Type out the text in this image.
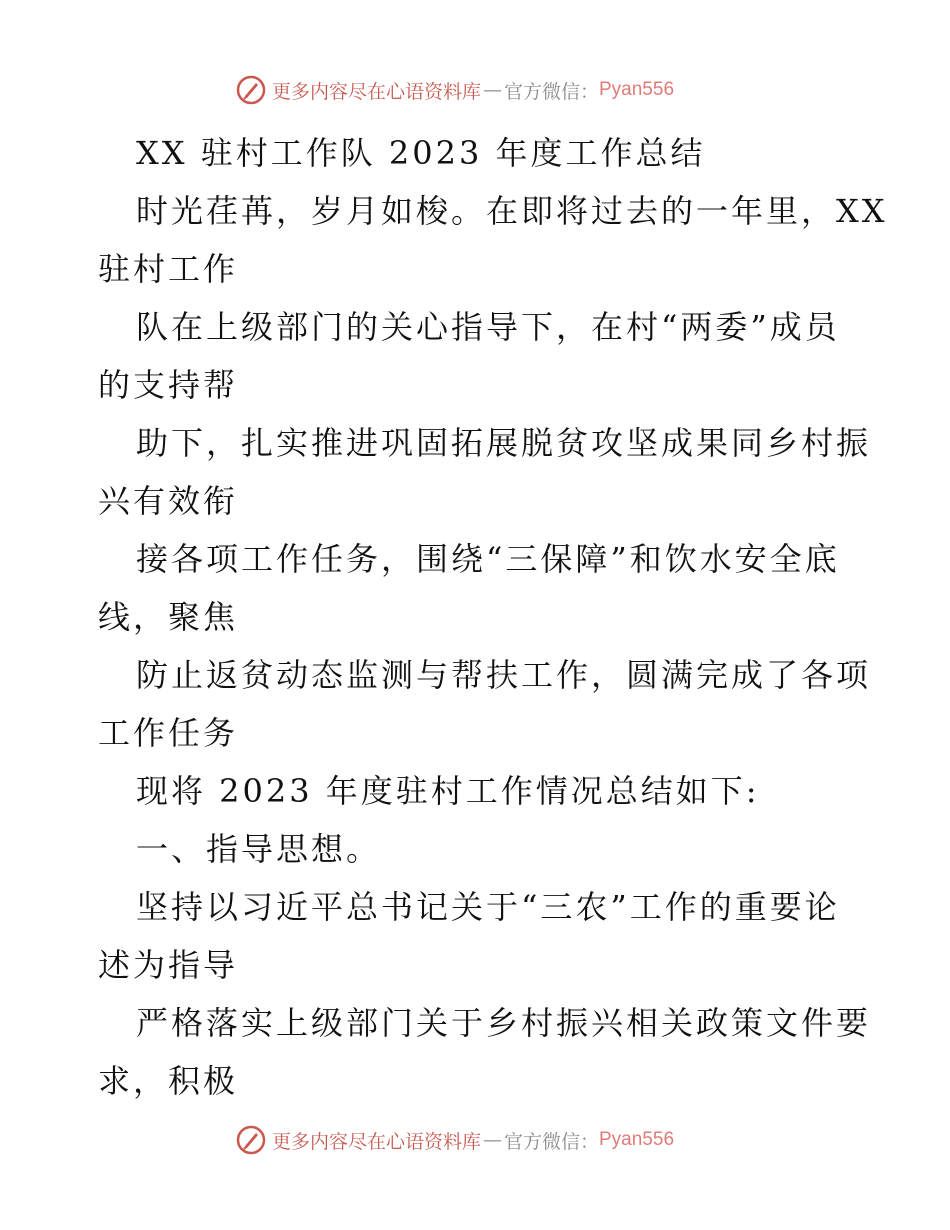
更多内容尽在心语资料库 — 官方微信： Pyan556
XX 驻村工作队 2023 年度工作总结
时光荏苒，岁月如梭。在即将过去的一年里，XX
驻村工作
队在上级部门的关心指导下，在村“两委”成员
的支持帮
助下，扎实推进巩固拓展脱贫攻坚成果同乡村振
兴有效衔
接各项工作任务，围绕“三保障”和饮水安全底
线，聚焦
防止返贫动态监测与帮扶工作，圆满完成了各项
工作任务
现将 2023 年度驻村工作情况总结如下:
一、指导思想。
坚持以习近平总书记关于“三农”工作的重要论
述为指导
严格落实上级部门关于乡村振兴相关政策文件要
求，积极
更多内容尽在心语资料库 — 官方微信： Pyan556
